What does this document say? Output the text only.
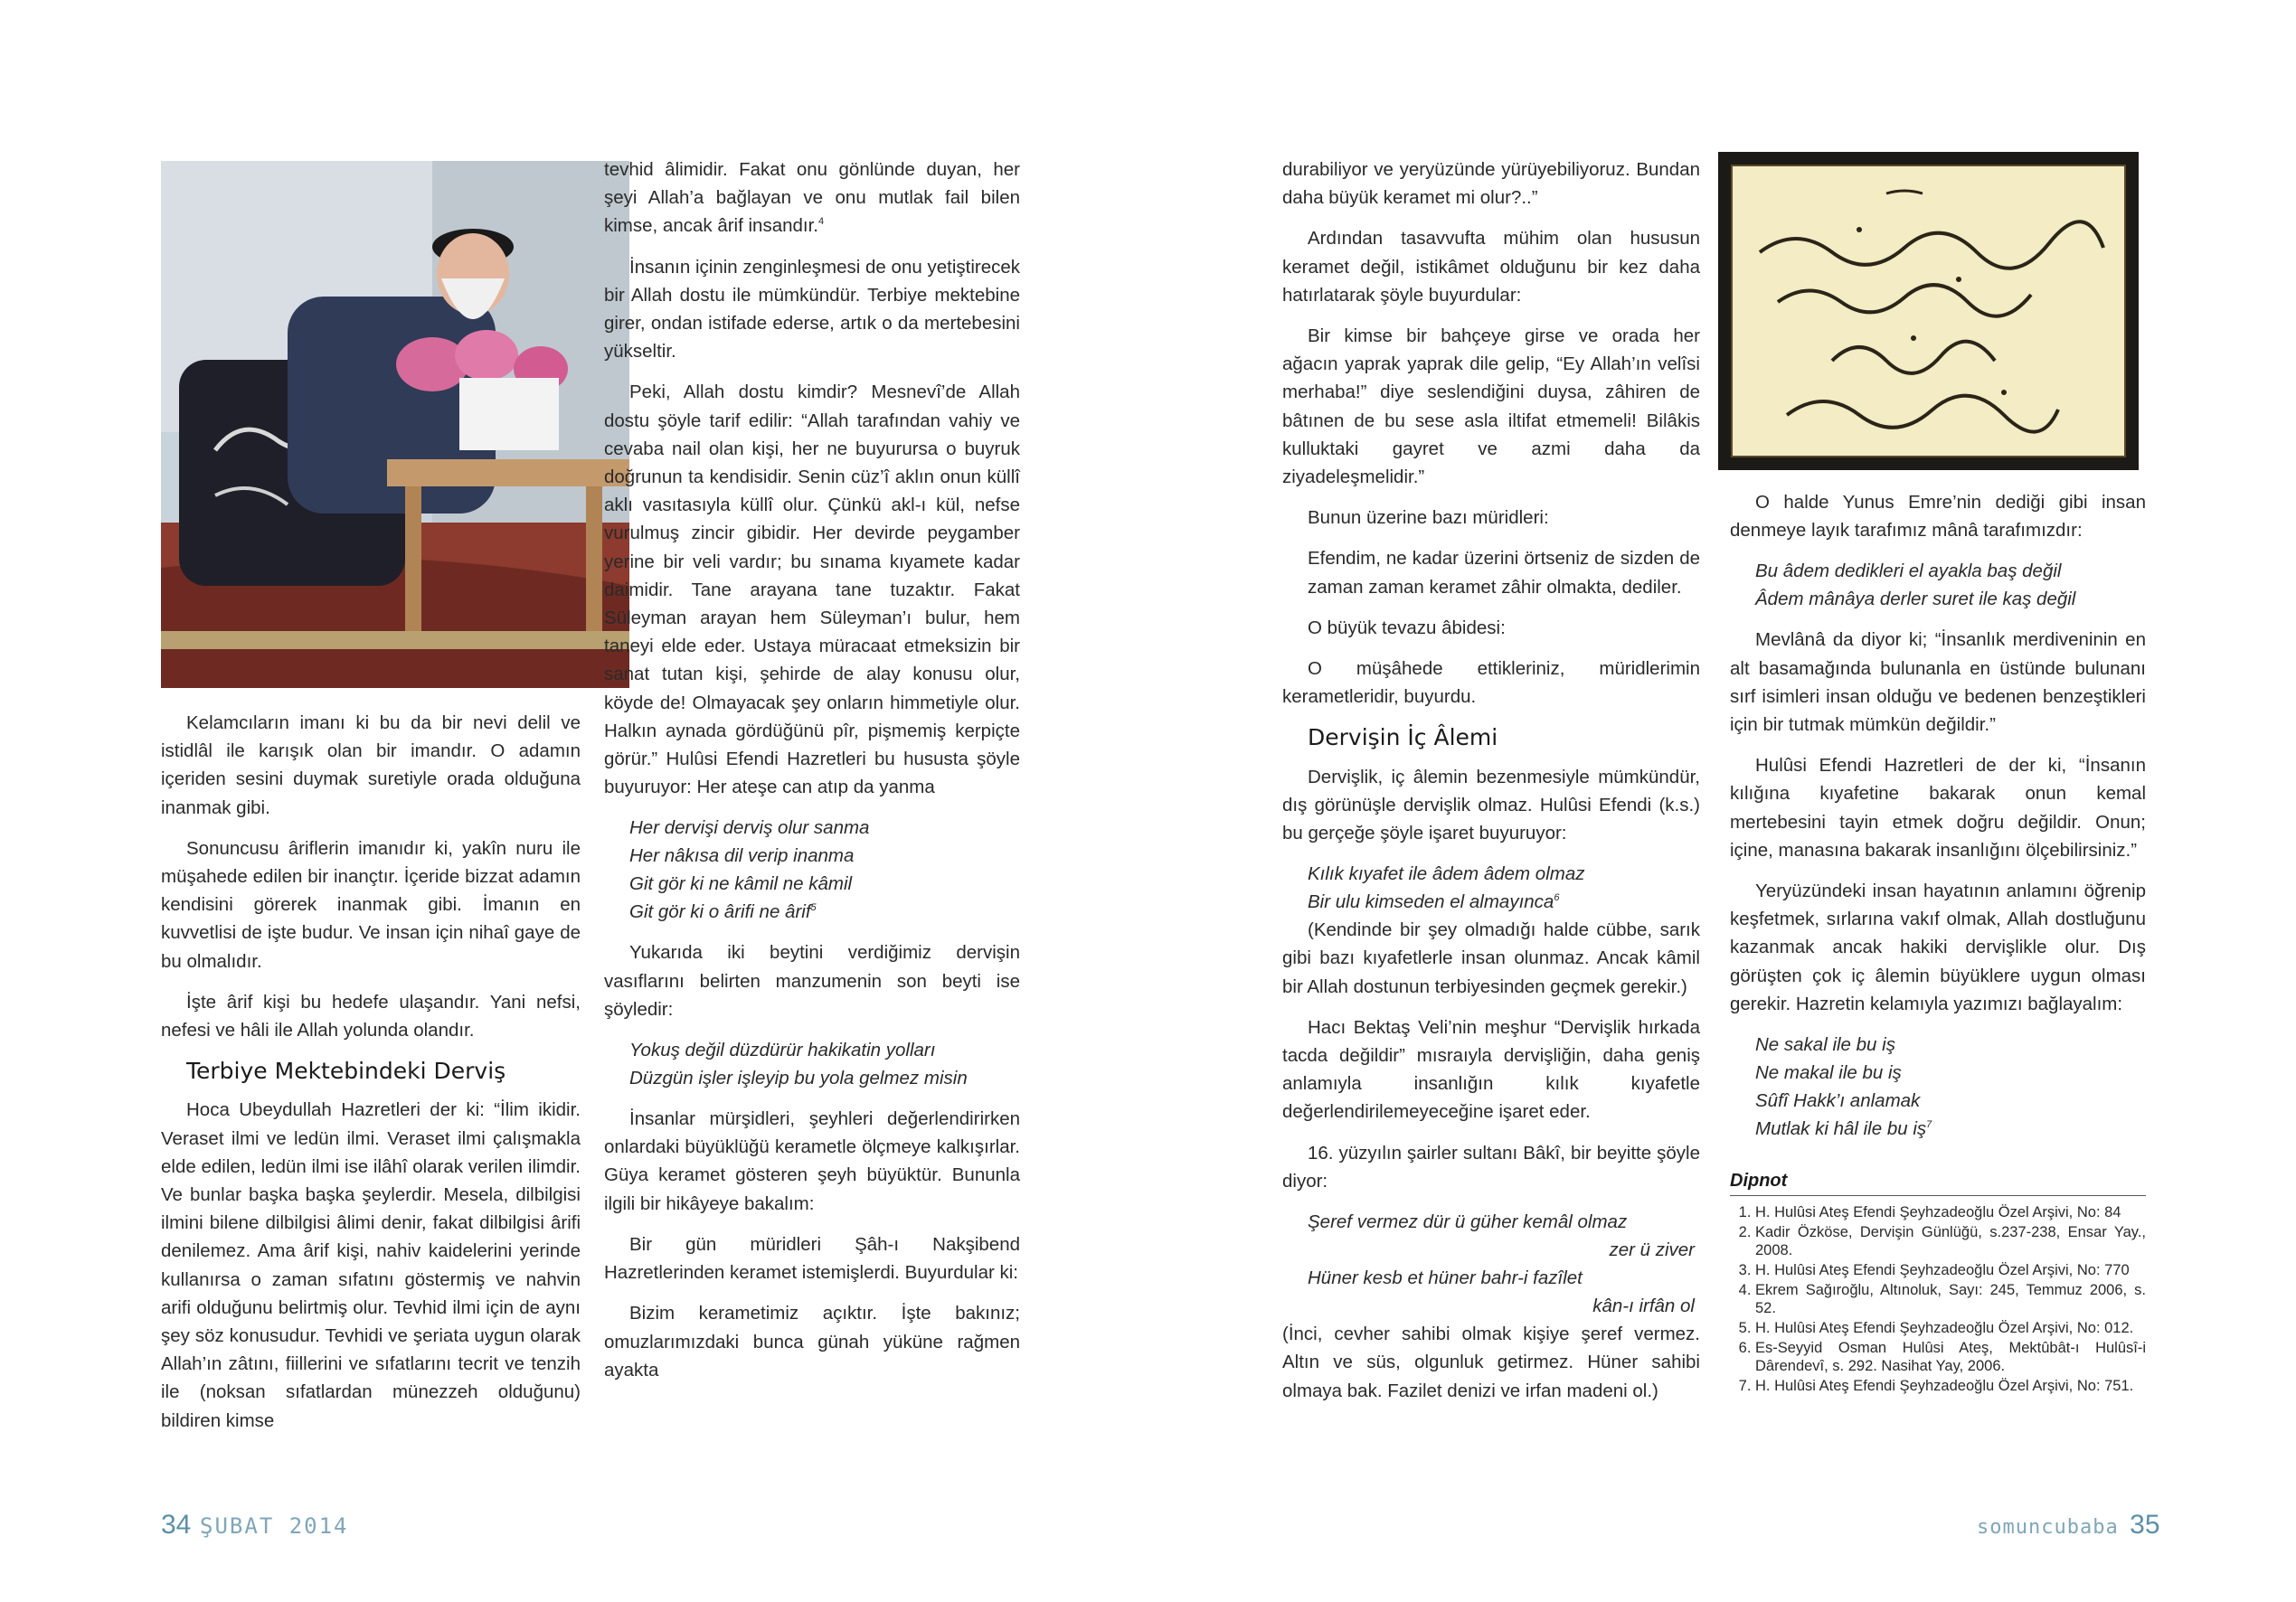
Kelamcıların imanı ki bu da bir nevi delil ve istidlâl ile karışık olan bir imandır. O adamın içeriden sesini duymak suretiyle orada olduğuna inanmak gibi.

Sonuncusu âriflerin imanıdır ki, yakîn nuru ile müşahede edilen bir inançtır. İçeride bizzat adamın kendisini görerek inanmak gibi. İmanın en kuvvetlisi de işte budur. Ve insan için nihaî gaye de bu olmalıdır.

İşte ârif kişi bu hedefe ulaşandır. Yani nefsi, nefesi ve hâli ile Allah yolunda olandır.

Terbiye Mektebindeki Derviş

Hoca Ubeydullah Hazretleri der ki: “İlim ikidir. Veraset ilmi ve ledün ilmi. Veraset ilmi çalışmakla elde edilen, ledün ilmi ise ilâhî olarak verilen ilimdir. Ve bunlar başka başka şeylerdir. Mesela, dilbilgisi ilmini bilene dilbilgisi âlimi denir, fakat dilbilgisi ârifi denilemez. Ama ârif kişi, nahiv kaidelerini yerinde kullanırsa o zaman sıfatını göstermiş ve nahvin arifi olduğunu belirtmiş olur. Tevhid ilmi için de aynı şey söz konusudur. Tevhidi ve şeriata uygun olarak Allah’ın zâtını, fiillerini ve sıfatlarını tecrit ve tenzih ile (noksan sıfatlardan münezzeh olduğunu) bildiren kimse

tevhid âlimidir. Fakat onu gönlünde duyan, her şeyi Allah’a bağlayan ve onu mutlak fail bilen kimse, ancak ârif insandır.$^4$

İnsanın içinin zenginleşmesi de onu yetiştirecek bir Allah dostu ile mümkündür. Terbiye mektebine girer, ondan istifade ederse, artık o da mertebesini yükseltir.

Peki, Allah dostu kimdir? Mesnevî’de Allah dostu şöyle tarif edilir: “Allah tarafından vahiy ve cevaba nail olan kişi, her ne buyurursa o buyruk doğrunun ta kendisidir. Senin cüz’î aklın onun küllî aklı vasıtasıyla küllî olur. Çünkü akl-ı kül, nefse vurulmuş zincir gibidir. Her devirde peygamber yerine bir veli vardır; bu sınama kıyamete kadar daimidir. Tane arayana tane tuzaktır. Fakat Süleyman arayan hem Süleyman’ı bulur, hem taneyi elde eder. Ustaya müracaat etmeksizin bir sanat tutan kişi, şehirde de alay konusu olur, köyde de! Olmayacak şey onların himmetiyle olur. Halkın aynada gördüğünü pîr, pişmemiş kerpiçte görür.” Hulûsi Efendi Hazretleri bu hususta şöyle buyuruyor: Her ateşe can atıp da yanma

Her dervişi derviş olur sanma
Her nâkısa dil verip inanma
Git gör ki ne kâmil ne kâmil
Git gör ki o ârifi ne ârif$^5$

Yukarıda iki beytini verdiğimiz dervişin vasıflarını belirten manzumenin son beyti ise şöyledir:

Yokuş değil düzdürür hakikatin yolları
Düzgün işler işleyip bu yola gelmez misin

İnsanlar mürşidleri, şeyhleri değerlendirirken onlardaki büyüklüğü kerametle ölçmeye kalkışırlar. Güya keramet gösteren şeyh büyüktür. Bununla ilgili bir hikâyeye bakalım:

Bir gün müridleri Şâh-ı Nakşibend Hazretlerinden keramet istemişlerdi. Buyurdular ki:

Bizim kerametimiz açıktır. İşte bakınız; omuzlarımızdaki bunca günah yüküne rağmen ayakta

34 ŞUBAT 2014

durabiliyor ve yeryüzünde yürüyebiliyoruz. Bundan daha büyük keramet mi olur?..”

Ardından tasavvufta mühim olan hususun keramet değil, istikâmet olduğunu bir kez daha hatırlatarak şöyle buyurdular:

Bir kimse bir bahçeye girse ve orada her ağacın yaprak yaprak dile gelip, “Ey Allah’ın velîsi merhaba!” diye seslendiğini duysa, zâhiren de bâtınen de bu sese asla iltifat etmemeli! Bilâkis kulluktaki gayret ve azmi daha da ziyadeleşmelidir.”

Bunun üzerine bazı müridleri:

Efendim, ne kadar üzerini örtseniz de sizden de zaman zaman keramet zâhir olmakta, dediler.

O büyük tevazu âbidesi:

O müşâhede ettikleriniz, müridlerimin kerametleridir, buyurdu.

Dervişin İç Âlemi

Dervişlik, iç âlemin bezenmesiyle mümkündür, dış görünüşle dervişlik olmaz. Hulûsi Efendi (k.s.) bu gerçeğe şöyle işaret buyuruyor:

Kılık kıyafet ile âdem âdem olmaz
Bir ulu kimseden el almayınca$^6$

(Kendinde bir şey olmadığı halde cübbe, sarık gibi bazı kıyafetlerle insan olunmaz. Ancak kâmil bir Allah dostunun terbiyesinden geçmek gerekir.)

Hacı Bektaş Veli’nin meşhur “Dervişlik hırkada tacda değildir” mısraıyla dervişliğin, daha geniş anlamıyla insanlığın kılık kıyafetle değerlendirilemeyeceğine işaret eder.

16. yüzyılın şairler sultanı Bâkî, bir beyitte şöyle diyor:

Şeref vermez dür ü güher kemâl olmaz
zer ü ziver
Hüner kesb et hüner bahr-i fazîlet
kân-ı irfân ol

(İnci, cevher sahibi olmak kişiye şeref vermez. Altın ve süs, olgunluk getirmez. Hüner sahibi olmaya bak. Fazilet denizi ve irfan madeni ol.)

O halde Yunus Emre’nin dediği gibi insan denmeye layık tarafımız mânâ tarafımızdır:

Bu âdem dedikleri el ayakla baş değil
Âdem mânâya derler suret ile kaş değil

Mevlânâ da diyor ki; “İnsanlık merdiveninin en alt basamağında bulunanla en üstünde bulunanı sırf isimleri insan olduğu ve bedenen benzeştikleri için bir tutmak mümkün değildir.”

Hulûsi Efendi Hazretleri de der ki, “İnsanın kılığına kıyafetine bakarak onun kemal mertebesini tayin etmek doğru değildir. Onun; içine, manasına bakarak insanlığını ölçebilirsiniz.”

Yeryüzündeki insan hayatının anlamını öğrenip keşfetmek, sırlarına vakıf olmak, Allah dostluğunu kazanmak ancak hakiki dervişlikle olur. Dış görüşten çok iç âlemin büyüklere uygun olması gerekir. Hazretin kelamıyla yazımızı bağlayalım:

Ne sakal ile bu iş
Ne makal ile bu iş
Sûfî Hakk’ı anlamak
Mutlak ki hâl ile bu $iş^7$
Dipnot
1. H. Hulûsi Ateş Efendi Şeyhzadeoğlu Özel Arşivi, No: 84
2. Kadir Özköse, Dervişin Günlüğü, s.237-238, Ensar Yay., 2008.
3. H. Hulûsi Ateş Efendi Şeyhzadeoğlu Özel Arşivi, No: 770
4. Ekrem Sağıroğlu, Altınoluk, Sayı: 245, Temmuz 2006, s. 52.
5. H. Hulûsi Ateş Efendi Şeyhzadeoğlu Özel Arşivi, No: 012.
6. Es-Seyyid Osman Hulûsi Ateş, Mektûbât-ı Hulûsî-i Dârendevî, s. 292. Nasihat Yay, 2006.
7. H. Hulûsi Ateş Efendi Şeyhzadeoğlu Özel Arşivi, No: 751.
somuncubaba 35
